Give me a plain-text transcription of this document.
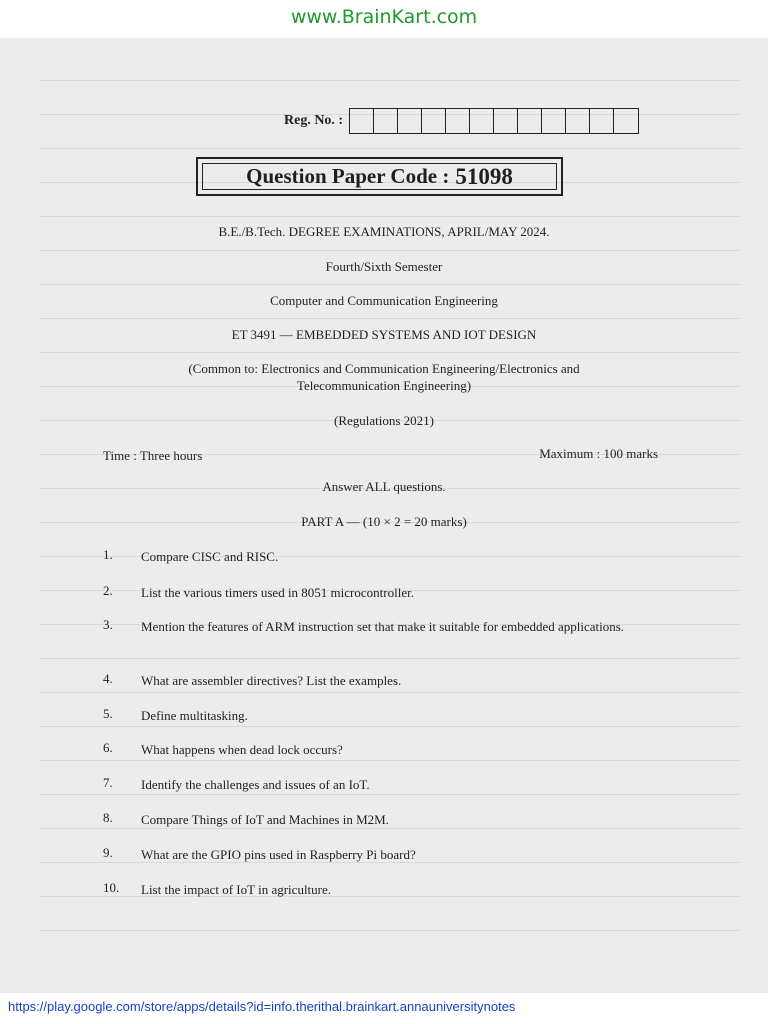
www.BrainKart.com
Reg. No. :
Question Paper Code : 51098
B.E./B.Tech. DEGREE EXAMINATIONS, APRIL/MAY 2024.
Fourth/Sixth Semester
Computer and Communication Engineering
ET 3491 — EMBEDDED SYSTEMS AND IOT DESIGN
(Common to: Electronics and Communication Engineering/Electronics and
Telecommunication Engineering)
(Regulations 2021)
Time : Three hours	Maximum : 100 marks
Answer ALL questions.
PART A — (10 × 2 = 20 marks)
1. Compare CISC and RISC.
2. List the various timers used in 8051 microcontroller.
3. Mention the features of ARM instruction set that make it suitable for embedded applications.
4. What are assembler directives? List the examples.
5. Define multitasking.
6. What happens when dead lock occurs?
7. Identify the challenges and issues of an IoT.
8. Compare Things of IoT and Machines in M2M.
9. What are the GPIO pins used in Raspberry Pi board?
10. List the impact of IoT in agriculture.
https://play.google.com/store/apps/details?id=info.therithal.brainkart.annauniversitynotes
